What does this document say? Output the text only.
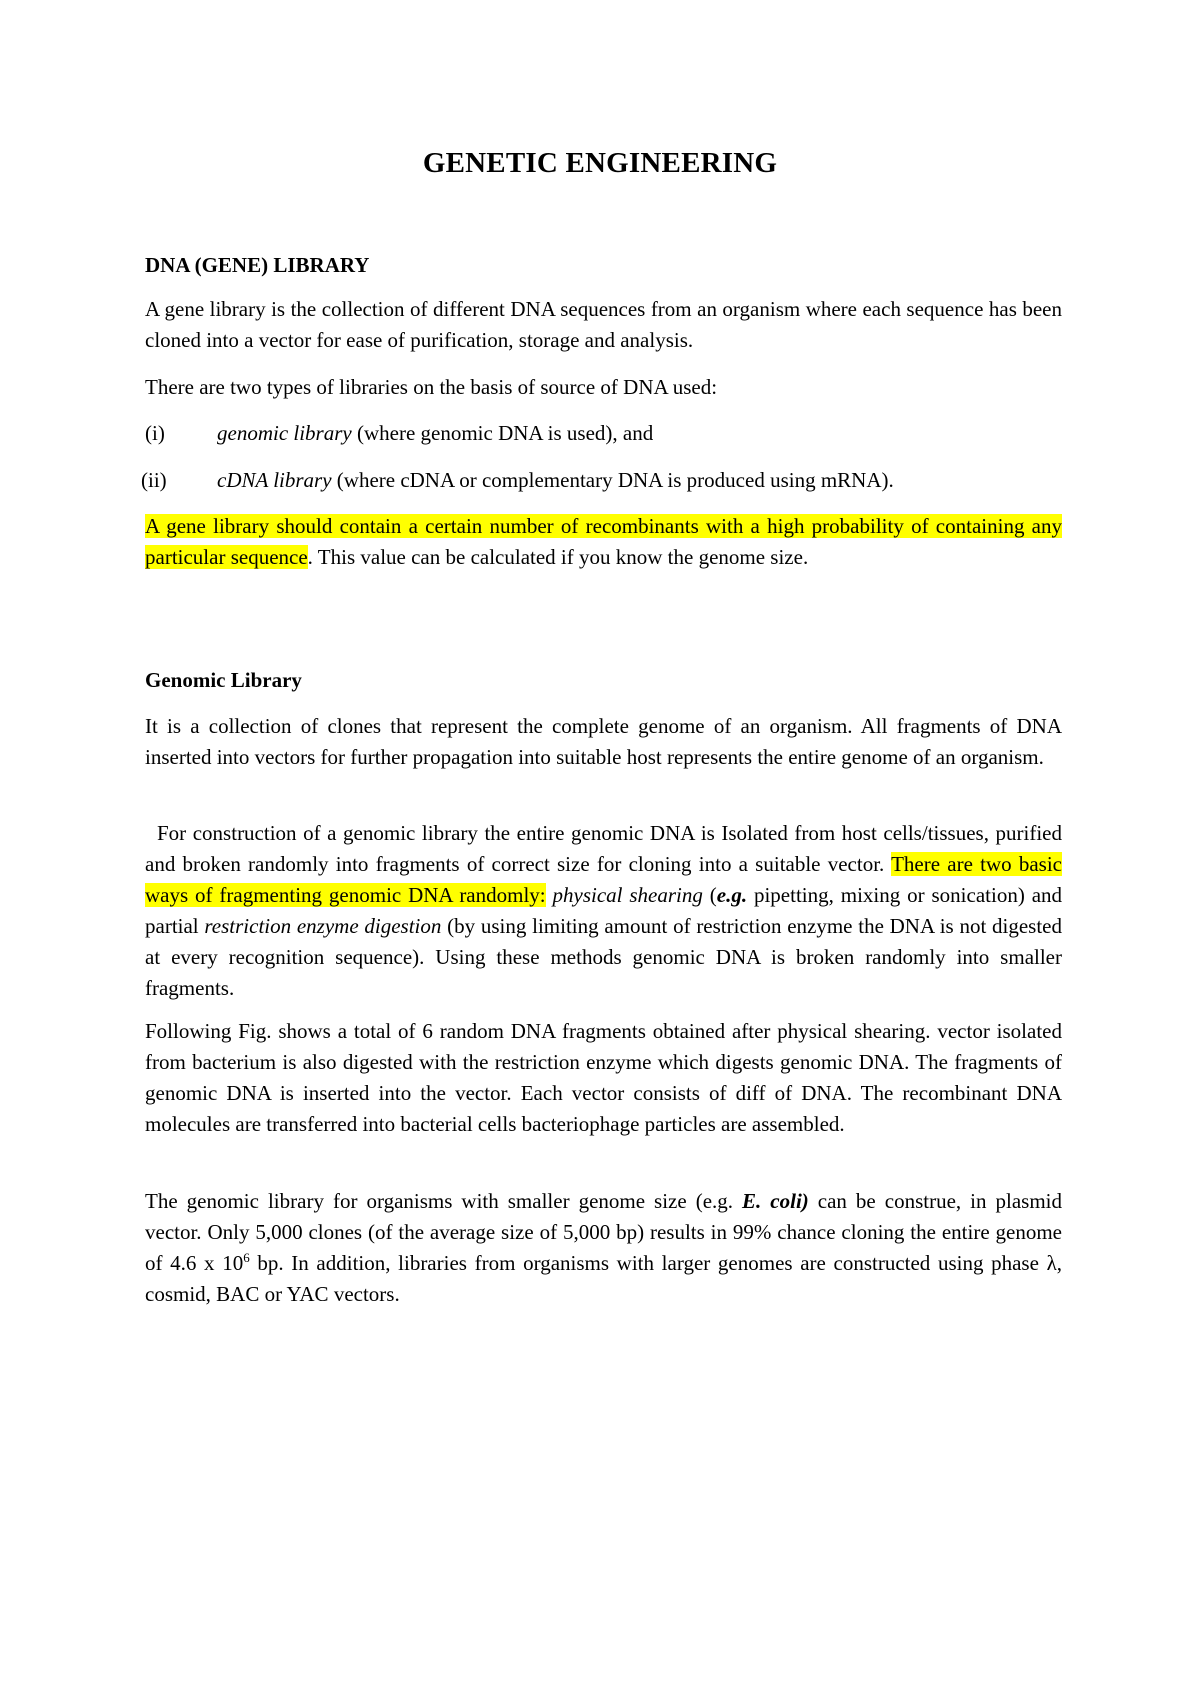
GENETIC ENGINEERING
DNA (GENE) LIBRARY

A gene library is the collection of different DNA sequences from an organism where each sequence has been cloned into a vector for ease of purification, storage and analysis.

There are two types of libraries on the basis of source of DNA used:

(i)	genomic library (where genomic DNA is used), and
(ii)	cDNA library (where cDNA or complementary DNA is produced using mRNA).

A gene library should contain a certain number of recombinants with a high probability of containing any particular sequence. This value can be calculated if you know the genome size.

Genomic Library

It is a collection of clones that represent the complete genome of an organism. All fragments of DNA inserted into vectors for further propagation into suitable host represents the entire genome of an organism.

For construction of a genomic library the entire genomic DNA is Isolated from host cells/tissues, purified and broken randomly into fragments of correct size for cloning into a suitable vector. There are two basic ways of fragmenting genomic DNA randomly: physical shearing (e.g. pipetting, mixing or sonication) and partial restriction enzyme digestion (by using limiting amount of restriction enzyme the DNA is not digested at every recognition sequence). Using these methods genomic DNA is broken randomly into smaller fragments.

Following Fig. shows a total of 6 random DNA fragments obtained after physical shearing. vector isolated from bacterium is also digested with the restriction enzyme which digests genomic DNA. The fragments of genomic DNA is inserted into the vector. Each vector consists of diff of DNA. The recombinant DNA molecules are transferred into bacterial cells bacteriophage particles are assembled.

The genomic library for organisms with smaller genome size (e.g. E. coli) can be construe, in plasmid vector. Only 5,000 clones (of the average size of 5,000 bp) results in 99% chance cloning the entire genome of 4.6 x $10^6$ bp. In addition, libraries from organisms with larger genomes are constructed using phase λ, cosmid, BAC or YAC vectors.
